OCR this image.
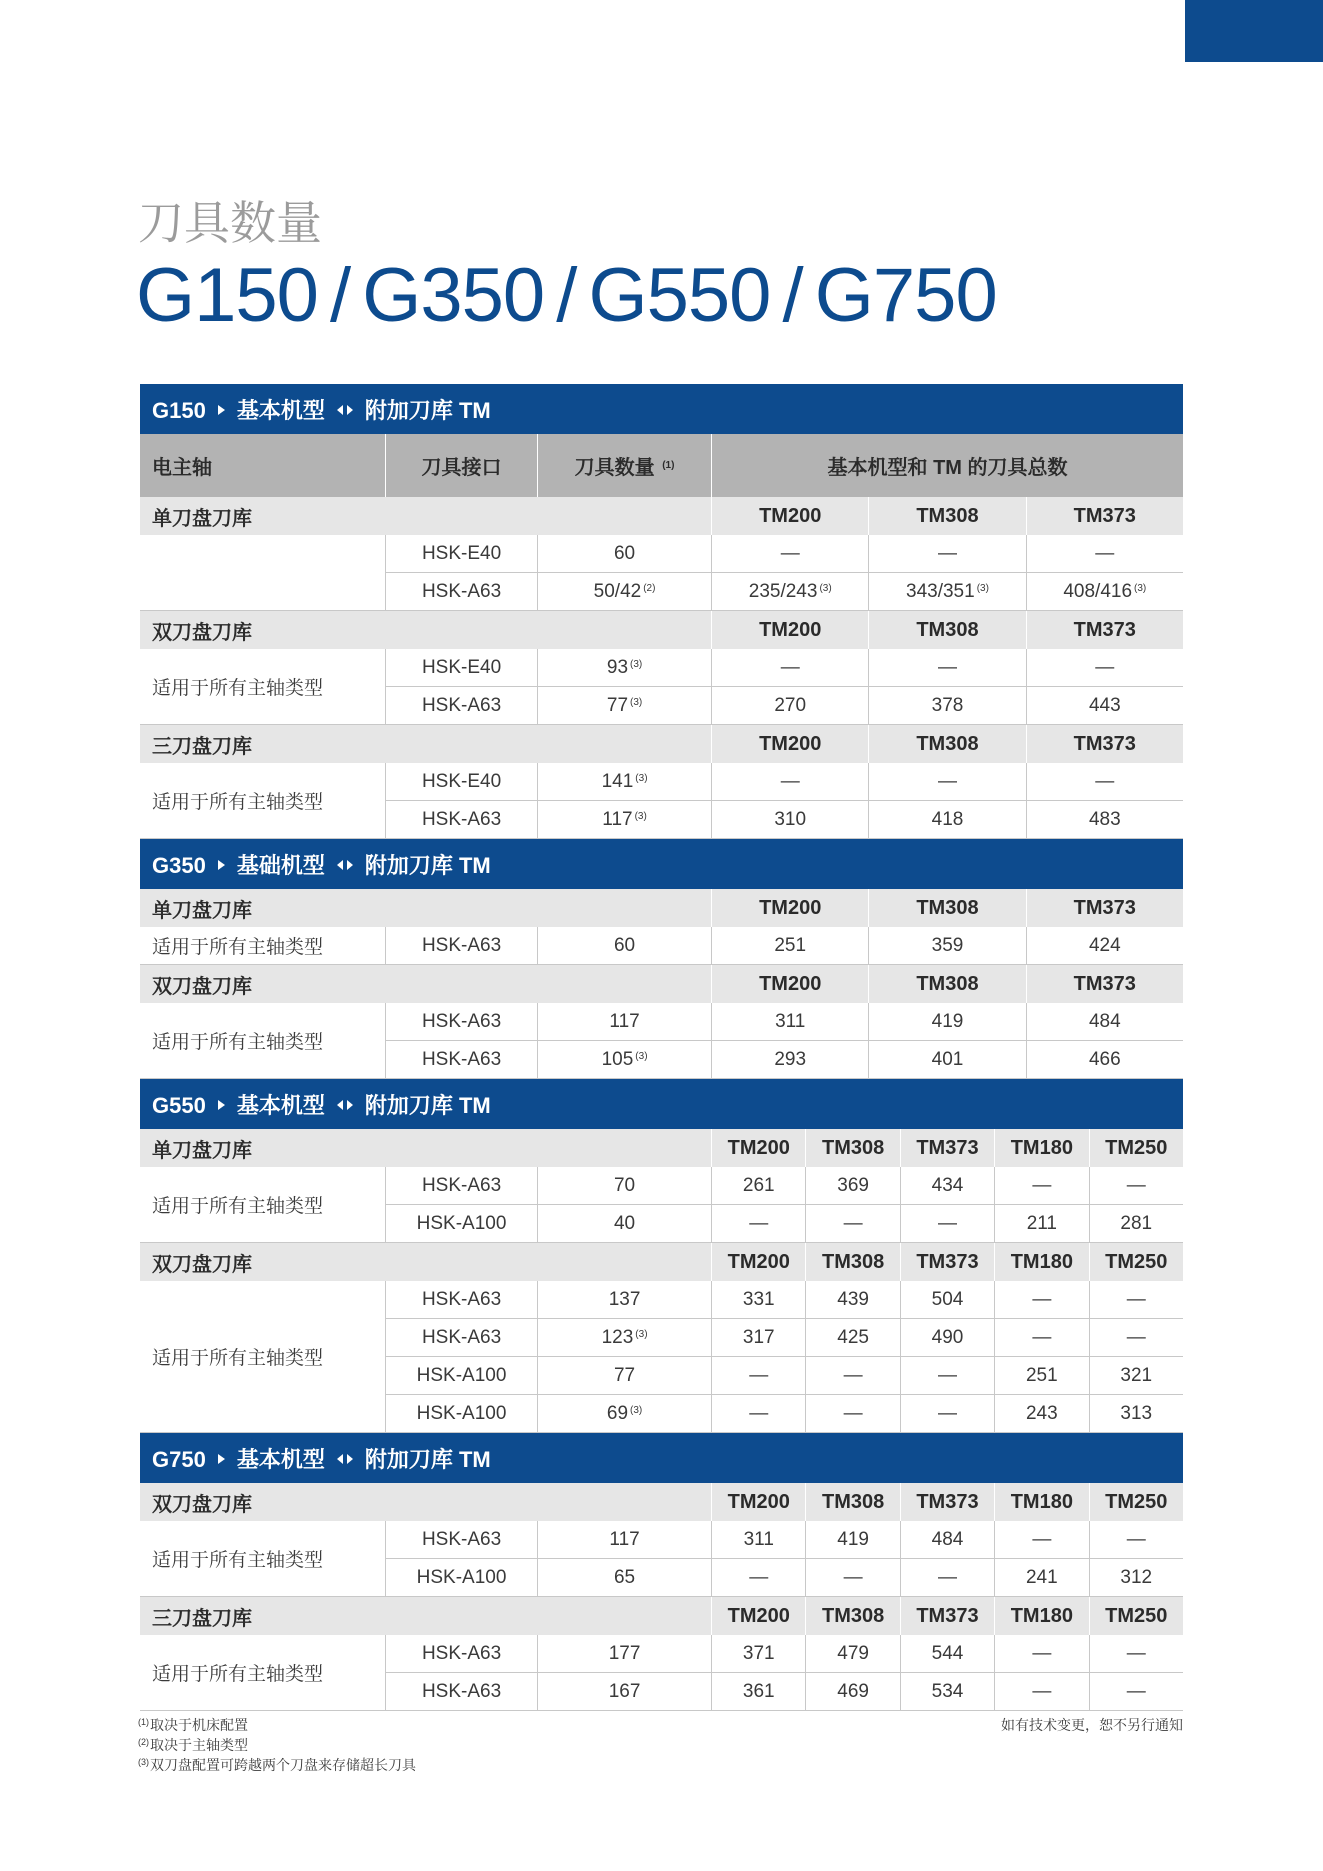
刀具数量
G150 / G350 / G550 / G750
G150 基本机型 附加刀库 TM									
电主轴	刀具接口	刀具数量 $^{(1)}$	基本机型和 TM 的刀具总数						
单刀盘刀库			TM200		TM308			TM373	
	HSK-E40	60	—		—			—	
	HSK-A63	50/42 $^{(2)}$	235/243 $^{(3)}$		343/351 $^{(3)}$			408/416 $^{(3)}$
双刀盘刀库			TM200		TM308			TM373	
适用于所有主轴类型	HSK-E40	93 $^{(3)}$	—		—			—	
	HSK-A63	77 $^{(3)}$	270		378			443	
三刀盘刀库			TM200		TM308			TM373	
适用于所有主轴类型	HSK-E40	141 $^{(3)}$	—		—			—	
	HSK-A63	117 $^{(3)}$	310		418			483	
G350 基础机型 附加刀库 TM									
单刀盘刀库			TM200		TM308			TM373	
适用于所有主轴类型	HSK-A63	60	251		359			424	
双刀盘刀库			TM200		TM308			TM373	
适用于所有主轴类型	HSK-A63	117	311		419			484	
	HSK-A63	105 $^{(3)}$	293		401			466	
G550 基本机型 附加刀库 TM									
单刀盘刀库			TM200	TM308		TM373	TM180		TM250
适用于所有主轴类型	HSK-A63	70	261	369		434	—		—
	HSK-A100	40	—	—		—	211		281
双刀盘刀库			TM200	TM308		TM373	TM180		TM250
适用于所有主轴类型	HSK-A63	137	331	439		504	—		—
	HSK-A63	123 $^{(3)}$	317	425		490	—		—
	HSK-A100	77	—	—		—	251		321
	HSK-A100	69 $^{(3)}$	—	—		—	243		313
G750 基本机型 附加刀库 TM									
双刀盘刀库			TM200	TM308		TM373	TM180		TM250
适用于所有主轴类型	HSK-A63	117	311	419		484	—		—
	HSK-A100	65	—	—		—	241		312
三刀盘刀库			TM200	TM308		TM373	TM180		TM250
适用于所有主轴类型	HSK-A63	177	371	479		544	—		—
	HSK-A63	167	361	469		534	—		—
$^{(1)}$取决于机床配置
$^{(2)}$取决于主轴类型
$^{(3)}$双刀盘配置可跨越两个刀盘来存储超长刀具
如有技术变更，恕不另行通知
